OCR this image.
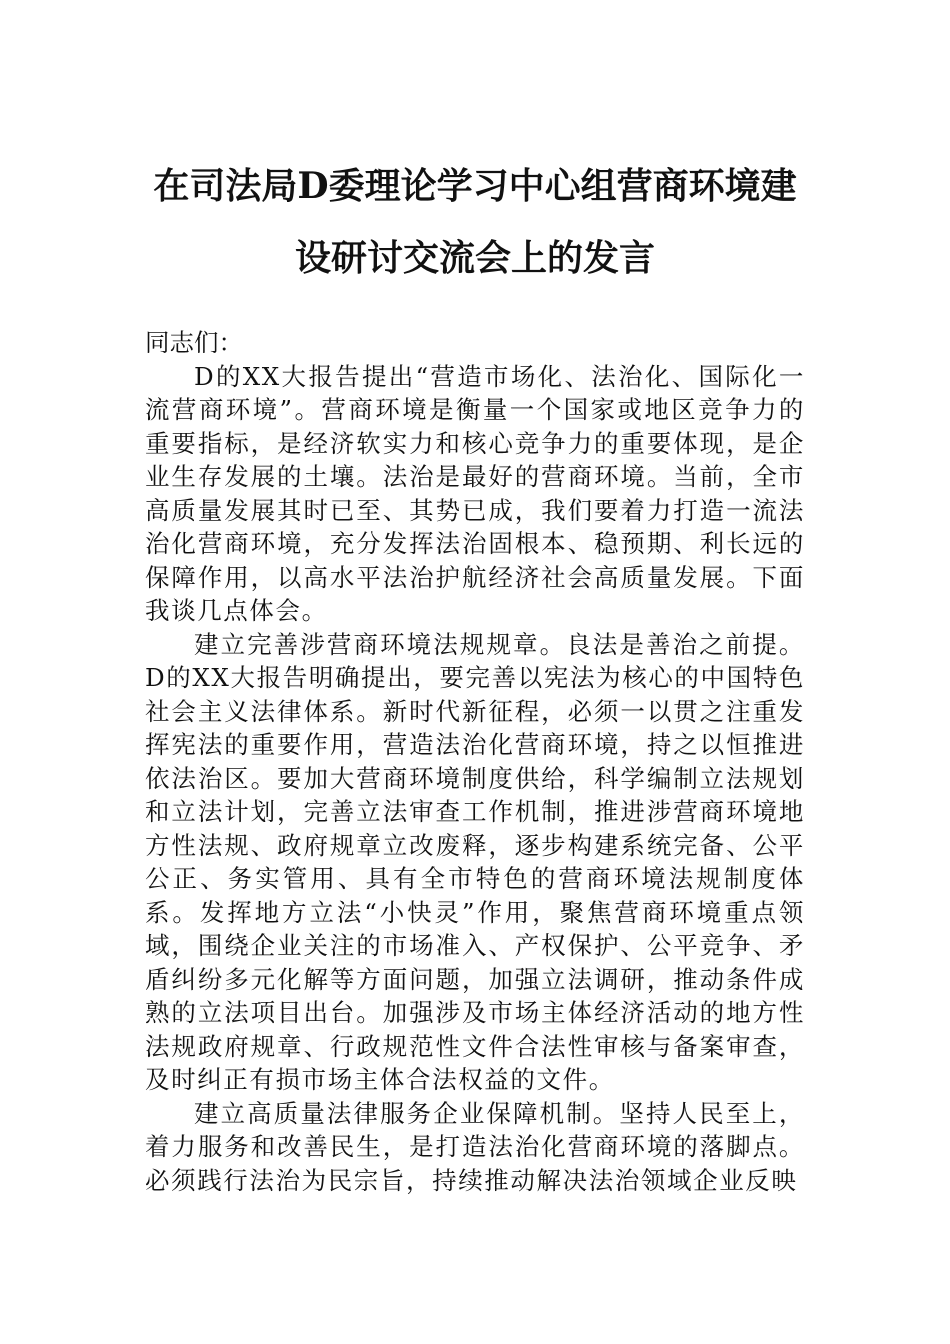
在司法局D委理论学习中心组营商环境建
设研讨交流会上的发言

同志们：

D的XX大报告提出“营造市场化、法治化、国际化一流营商环境”。营商环境是衡量一个国家或地区竞争力的重要指标，是经济软实力和核心竞争力的重要体现，是企业生存发展的土壤。法治是最好的营商环境。当前，全市高质量发展其时已至、其势已成，我们要着力打造一流法治化营商环境，充分发挥法治固根本、稳预期、利长远的保障作用，以高水平法治护航经济社会高质量发展。下面我谈几点体会。

建立完善涉营商环境法规规章。良法是善治之前提。D的XX大报告明确提出，要完善以宪法为核心的中国特色社会主义法律体系。新时代新征程，必须一以贯之注重发挥宪法的重要作用，营造法治化营商环境，持之以恒推进依法治区。要加大营商环境制度供给，科学编制立法规划和立法计划，完善立法审查工作机制，推进涉营商环境地方性法规、政府规章立改废释，逐步构建系统完备、公平公正、务实管用、具有全市特色的营商环境法规制度体系。发挥地方立法“小快灵”作用，聚焦营商环境重点领域，围绕企业关注的市场准入、产权保护、公平竞争、矛盾纠纷多元化解等方面问题，加强立法调研，推动条件成熟的立法项目出台。加强涉及市场主体经济活动的地方性法规政府规章、行政规范性文件合法性审核与备案审查，及时纠正有损市场主体合法权益的文件。

建立高质量法律服务企业保障机制。坚持人民至上，着力服务和改善民生，是打造法治化营商环境的落脚点。必须践行法治为民宗旨，持续推动解决法治领域企业反映
